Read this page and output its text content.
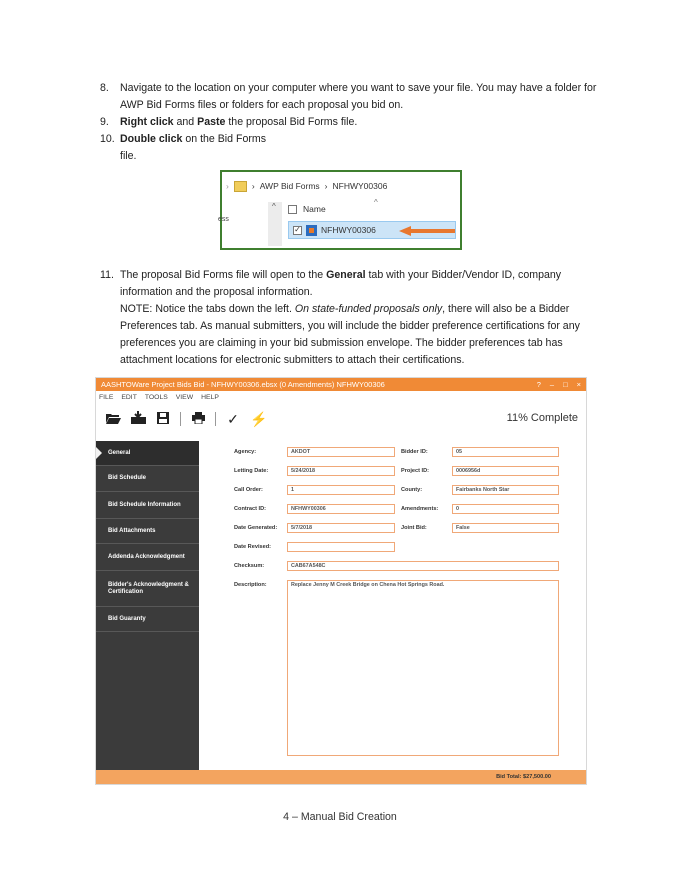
8. Navigate to the location on your computer where you want to save your file. You may have a folder for AWP Bid Forms files or folders for each proposal you bid on.
9. Right click and Paste the proposal Bid Forms file.
10. Double click on the Bid Forms
file.
›	› AWP Bid Forms › NFHWY00306
ess
^	^
Name
✓ NFHWY00306
11. The proposal Bid Forms file will open to the General tab with your Bidder/Vendor ID, company information and the proposal information.
NOTE: Notice the tabs down the left. On state-funded proposals only, there will also be a Bidder Preferences tab. As manual submitters, you will include the bidder preference certifications for any preferences you are claiming in your bid submission envelope. The bidder preferences tab has attachment locations for electronic submitters to attach their certifications.
AASHTOWare Project Bids Bid - NFHWY00306.ebsx (0 Amendments) NFHWY00306	? – □ ×
FILE EDIT TOOLS VIEW HELP
✓ ⚡	11% Complete
General
Bid Schedule
Bid Schedule Information
Bid Attachments
Addenda Acknowledgment
Bidder's Acknowledgment & Certification
Bid Guaranty
Agency:	AKDOT	Bidder ID:	05
Letting Date:	5/24/2018	Project ID:	0006956d
Call Order:	1	County:	Fairbanks North Star
Contract ID:	NFHWY00306	Amendments:	0
Date Generated:	5/7/2018	Joint Bid:	False
Date Revised:
Checksum:	CAB67A548C
Description:	Replace Jenny M Creek Bridge on Chena Hot Springs Road.
Bid Total: $27,500.00
4 – Manual Bid Creation
